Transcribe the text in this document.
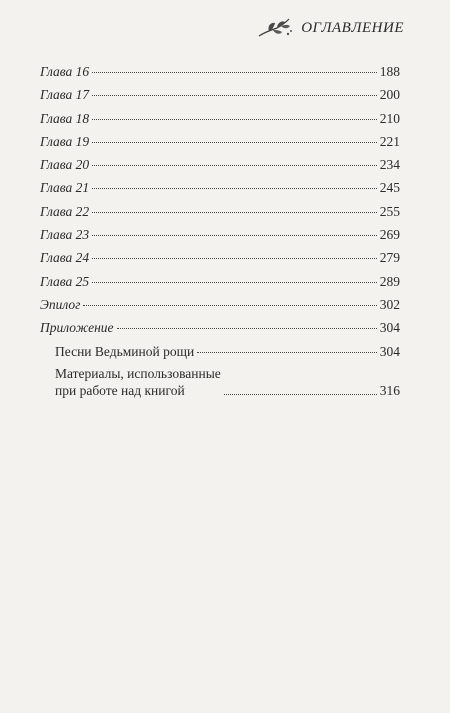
ОГЛАВЛЕНИЕ
Глава 16	188
Глава 17	200
Глава 18	210
Глава 19	221
Глава 20	234
Глава 21	245
Глава 22	255
Глава 23	269
Глава 24	279
Глава 25	289
Эпилог	302
Приложение	304
Песни Ведьминой рощи	304
Материалы, использованные
при работе над книгой	316
